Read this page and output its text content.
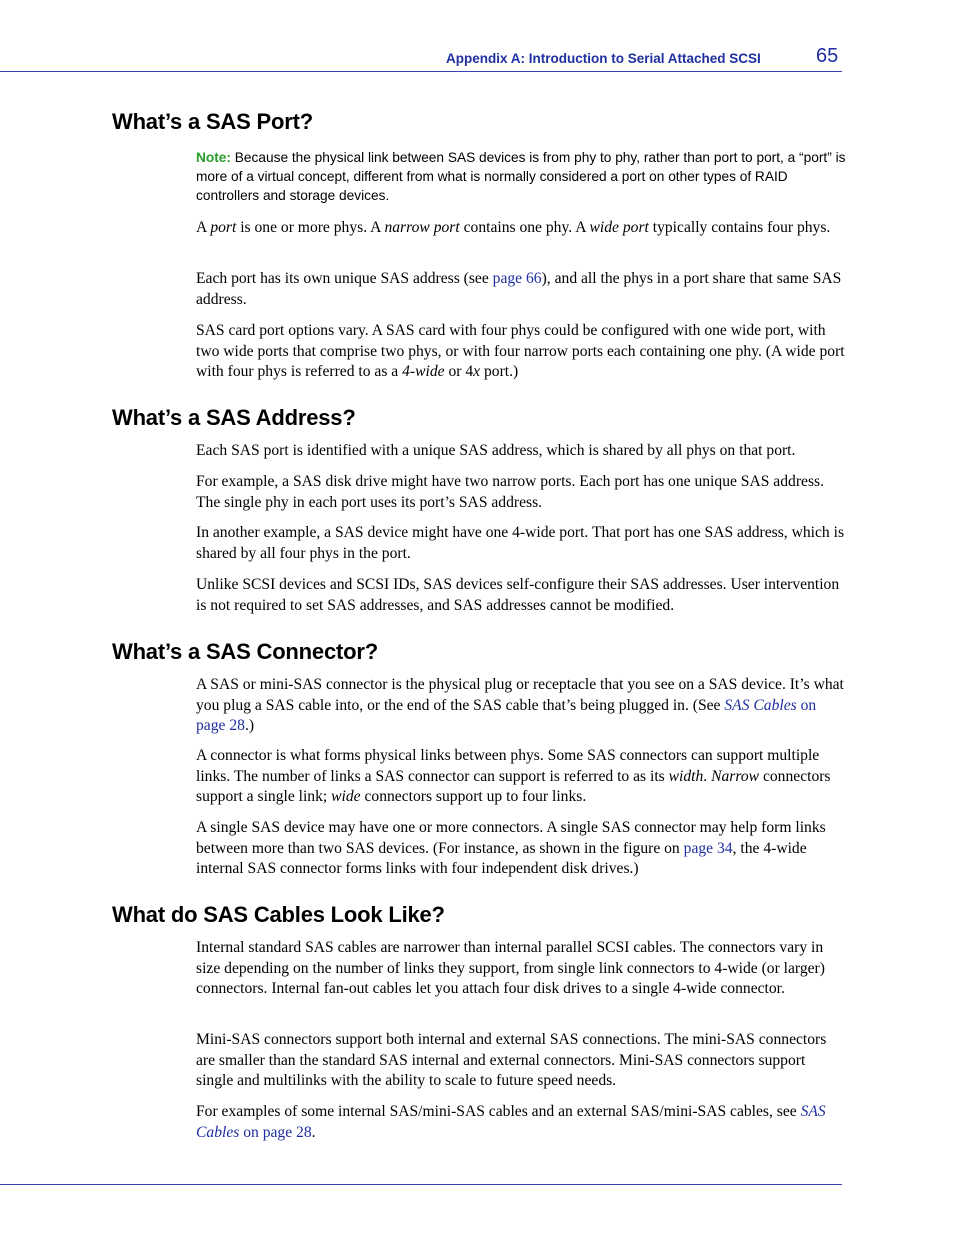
Appendix A: Introduction to Serial Attached SCSI	65
What’s a SAS Port?

Note: Because the physical link between SAS devices is from phy to phy, rather than port to port, a “port” is more of a virtual concept, different from what is normally considered a port on other types of RAID controllers and storage devices.

A port is one or more phys. A narrow port contains one phy. A wide port typically contains four phys.

Each port has its own unique SAS address (see page 66), and all the phys in a port share that same SAS address.

SAS card port options vary. A SAS card with four phys could be configured with one wide port, with two wide ports that comprise two phys, or with four narrow ports each containing one phy. (A wide port with four phys is referred to as a 4-wide or 4x port.)

What’s a SAS Address?

Each SAS port is identified with a unique SAS address, which is shared by all phys on that port.

For example, a SAS disk drive might have two narrow ports. Each port has one unique SAS address. The single phy in each port uses its port’s SAS address.

In another example, a SAS device might have one 4-wide port. That port has one SAS address, which is shared by all four phys in the port.

Unlike SCSI devices and SCSI IDs, SAS devices self-configure their SAS addresses. User intervention is not required to set SAS addresses, and SAS addresses cannot be modified.

What’s a SAS Connector?

A SAS or mini-SAS connector is the physical plug or receptacle that you see on a SAS device. It’s what you plug a SAS cable into, or the end of the SAS cable that’s being plugged in. (See SAS Cables on page 28.)

A connector is what forms physical links between phys. Some SAS connectors can support multiple links. The number of links a SAS connector can support is referred to as its width. Narrow connectors support a single link; wide connectors support up to four links.

A single SAS device may have one or more connectors. A single SAS connector may help form links between more than two SAS devices. (For instance, as shown in the figure on page 34, the 4-wide internal SAS connector forms links with four independent disk drives.)

What do SAS Cables Look Like?

Internal standard SAS cables are narrower than internal parallel SCSI cables. The connectors vary in size depending on the number of links they support, from single link connectors to 4-wide (or larger) connectors. Internal fan-out cables let you attach four disk drives to a single 4-wide connector.

Mini-SAS connectors support both internal and external SAS connections. The mini-SAS connectors are smaller than the standard SAS internal and external connectors. Mini-SAS connectors support single and multilinks with the ability to scale to future speed needs.

For examples of some internal SAS/mini-SAS cables and an external SAS/mini-SAS cables, see SAS Cables on page 28.
